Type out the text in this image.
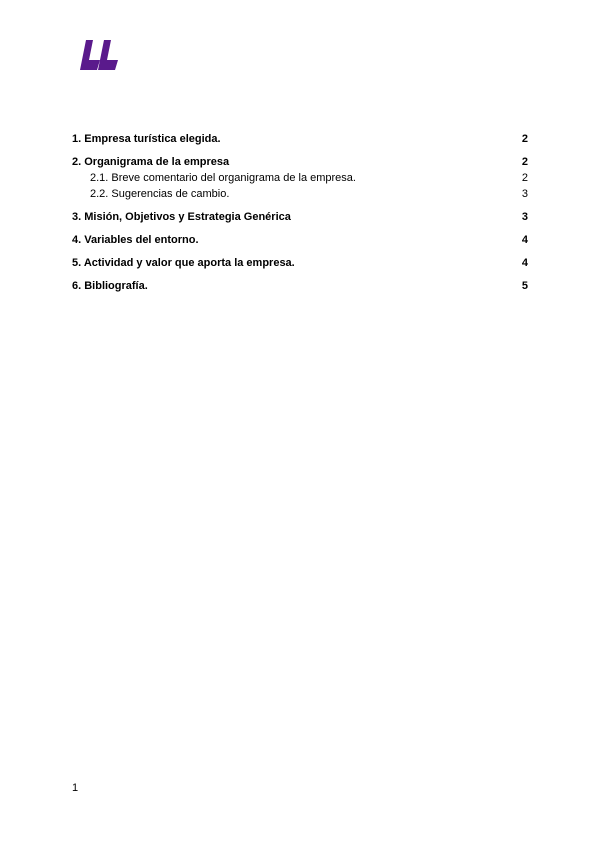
1. Empresa turística elegida.	2
2. Organigrama de la empresa	2
2.1. Breve comentario del organigrama de la empresa.	2
2.2. Sugerencias de cambio.	3
3. Misión, Objetivos y Estrategia Genérica	3
4. Variables del entorno.	4
5. Actividad y valor que aporta la empresa.	4
6. Bibliografía.	5
1
